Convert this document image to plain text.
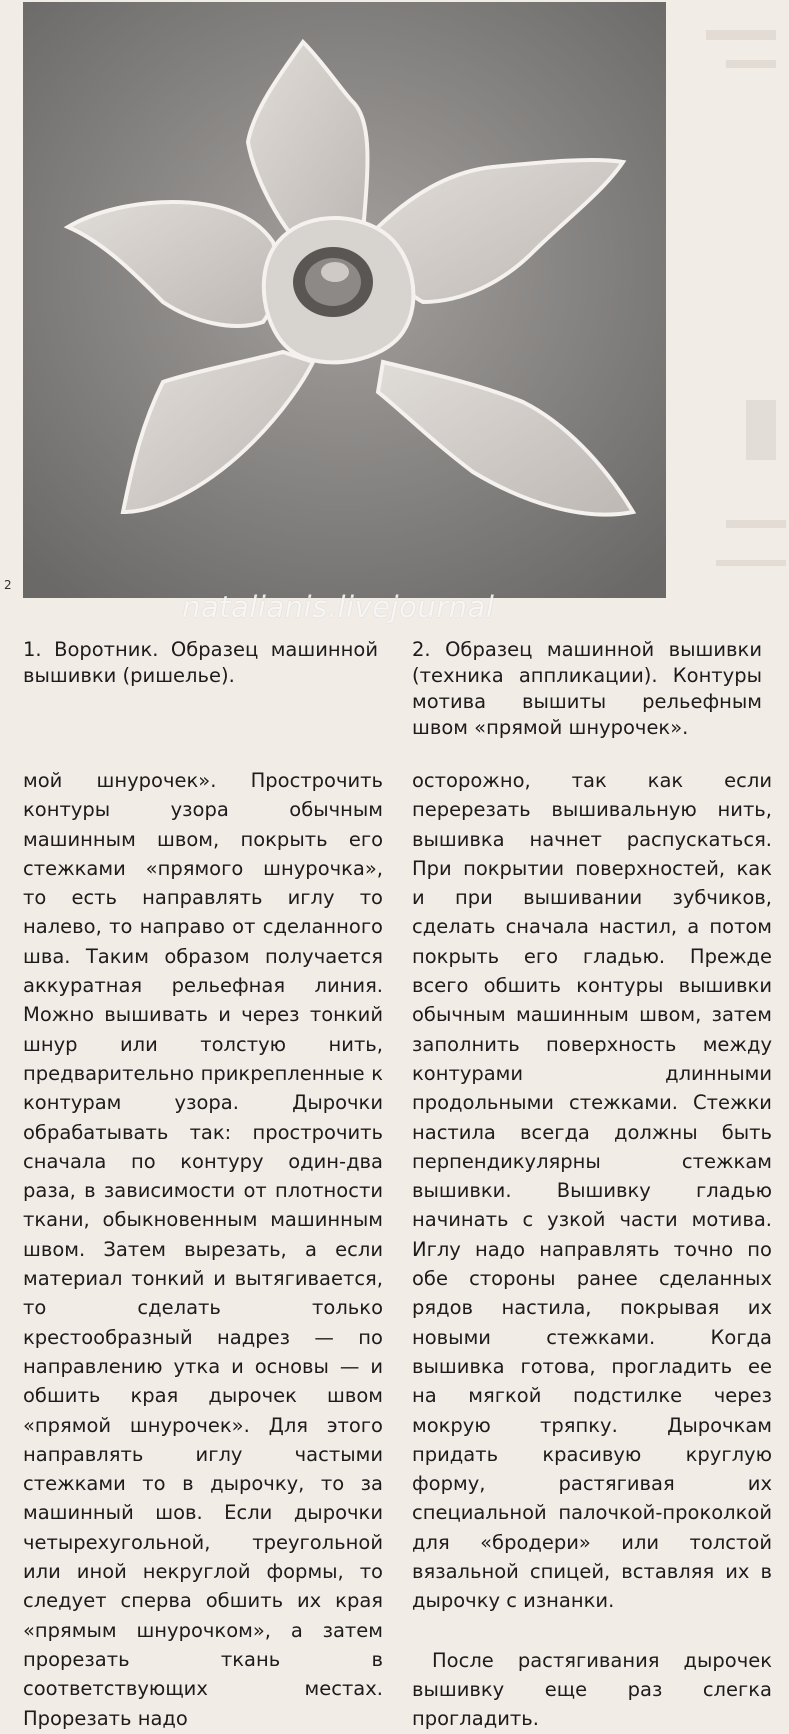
2
natalianis.livejournal
1. Воротник. Образец машинной вышивки (ришелье).
2. Образец машинной вышивки (техника аппликации). Контуры мотива вышиты рельефным швом «прямой шнурочек».

мой шнурочек». Прострочить контуры узора обычным машинным швом, покрыть его стежками «прямого шнурочка», то есть направлять иглу то налево, то направо от сделанного шва. Таким образом получается аккуратная рельефная линия. Можно вышивать и через тонкий шнур или толстую нить, предварительно прикрепленные к контурам узора. Дырочки обрабатывать так: прострочить сначала по контуру один-два раза, в зависимости от плотности ткани, обыкновенным машинным швом. Затем вырезать, а если материал тонкий и вытягивается, то сделать только крестообразный надрез — по направлению утка и основы — и обшить края дырочек швом «прямой шнурочек». Для этого направлять иглу частыми стежками то в дырочку, то за машинный шов. Если дырочки четырехугольной, треугольной или иной некруглой формы, то следует сперва обшить их края «прямым шнурочком», а затем прорезать ткань в соответствующих местах. Прорезать надо

осторожно, так как если перерезать вышивальную нить, вышивка начнет распускаться. При покрытии поверхностей, как и при вышивании зубчиков, сделать сначала настил, а потом покрыть его гладью. Прежде всего обшить контуры вышивки обычным машинным швом, затем заполнить поверхность между контурами длинными продольными стежками. Стежки настила всегда должны быть перпендикулярны стежкам вышивки. Вышивку гладью начинать с узкой части мотива. Иглу надо направлять точно по обе стороны ранее сделанных рядов настила, покрывая их новыми стежками. Когда вышивка готова, прогладить ее на мягкой подстилке через мокрую тряпку. Дырочкам придать красивую круглую форму, растягивая их специальной палочкой-проколкой для «бродери» или толстой вязальной спицей, вставляя их в дырочку с изнанки.

После растягивания дырочек вышивку еще раз слегка прогладить.
